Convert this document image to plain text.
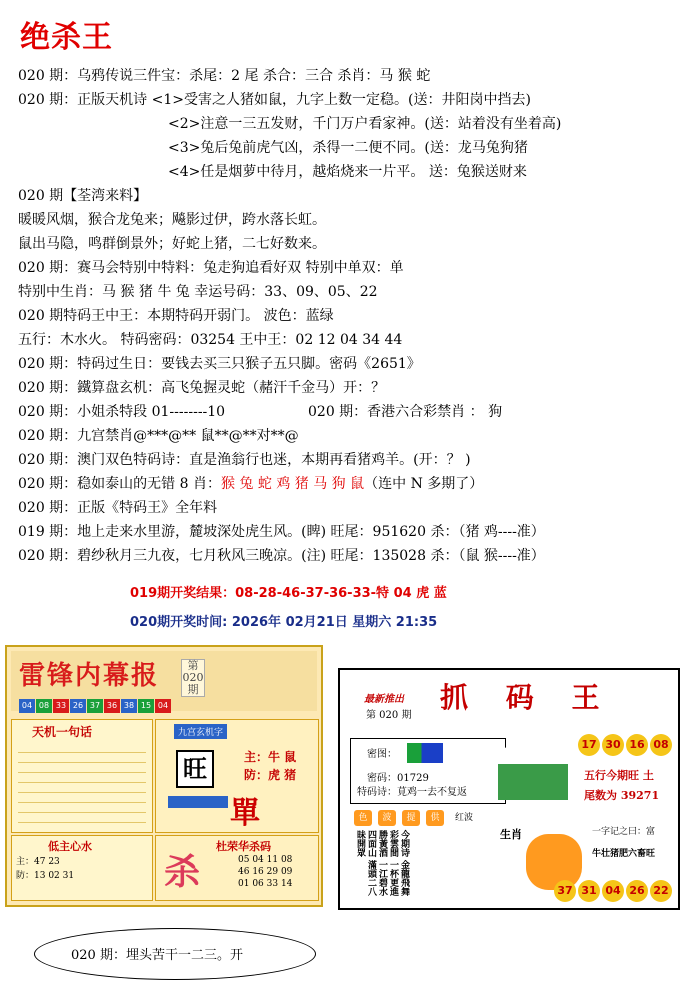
绝杀王
020 期：乌鸦传说三件宝：杀尾：2 尾 杀合：三合 杀肖：马 猴 蛇
020 期：正版天机诗 <1>受害之人猪如鼠，九字上数一定稳。(送：井阳岗中挡去)
<2>注意一三五发财，千门万户看家神。(送：站着没有坐着高)
<3>兔后兔前虎气凶，杀得一二便不同。(送：龙马兔狗猪
<4>任是烟萝中待月，越焰烧来一片平。 送：兔猴送财来
020 期【荃湾来料】
暖暖风烟，猴合龙兔来；飚影过伊，跨水落长虹。
鼠出马隐，鸣群倒景外；好蛇上猪，二七好数来。
020 期：赛马会特别中特料：兔走狗追看好双 特别中单双：单
特别中生肖：马 猴 猪 牛 兔 幸运号码：33、09、05、22
020 期特码王中王：本期特码开弱门。 波色：蓝绿
五行：木水火。 特码密码：03254 王中王：02 12 04 34 44
020 期：特码过生日：要钱去买三只猴子五只脚。密码《2651》
020 期：鐵算盘玄机：高飞兔握灵蛇（赭汗千金马）开：？
020 期：小姐杀特段 01--------10	020 期：香港六合彩禁肖 ： 狗
020 期：九宫禁肖@***@** 鼠**@**对**@
020 期：澳门双色特码诗：直是渔翁行也迷，本期再看猪鸡羊。(开：？ )
020 期：稳如泰山的无错 8 肖：猴 兔 蛇 鸡 猪 马 狗 鼠（连中 N 多期了）
020 期：正版《特码王》全年料
019 期：地上走来水里游，麓坡深处虎生风。(睥) 旺尾：951620 杀：（猪 鸡----准）
020 期：碧纱秋月三九夜，七月秋风三晚凉。(注) 旺尾：135028 杀：（鼠 猴----准）
019期开奖结果：08-28-46-37-36-33-特 04 虎 蓝
020期开奖时间: 2026年 02月21日 星期六 21:35
雷锋内幕报	第 020 期
04 08 33 26 37 36 38 15 04
天机一句话	九宫玄机字
旺	主：牛 鼠
防：虎 猪
單
低主心水
主：47 23
防：13 02 31
杜荣华杀码
杀	05 04 11 08
46 16 29 09
01 06 33 14
最新推出
第 020 期
抓 码 王
密图：
密码：01729
特码诗：莧鸡一去不复返
17 30 16 08
五行今期旺 土
尾数为 39271
色	波	提	供	红波
今期诗 金龍飛舞彩雲間 一杯更進勝黃酒 一江碧水四面山 滿頭二八昧開眾	生肖	一字记之曰：富
牛壮猪肥六畜旺
37 31 04 26 22
020 期：埋头苦干一二三。开
